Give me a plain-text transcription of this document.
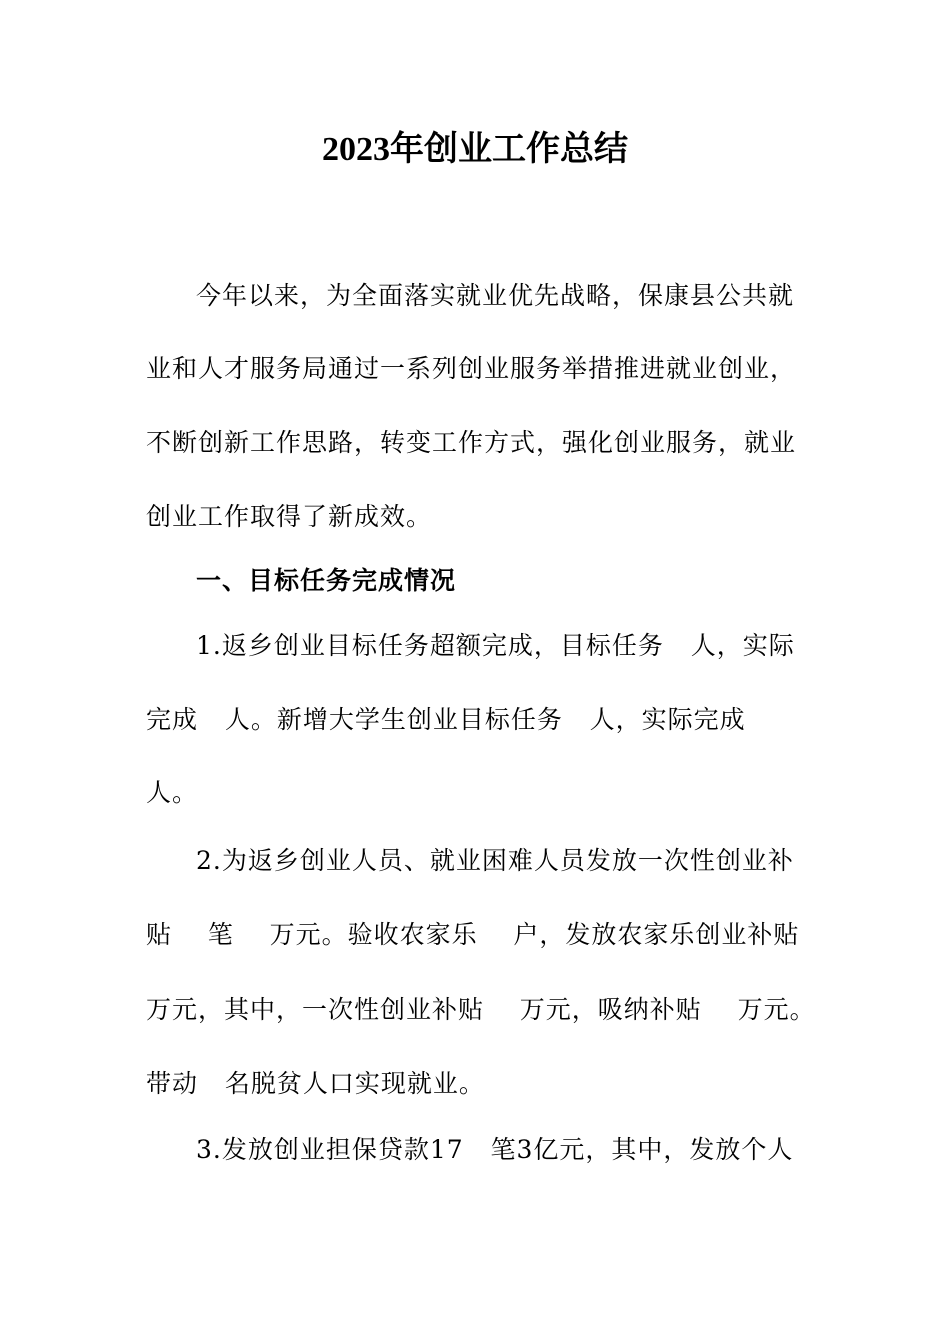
2023年创业工作总结
今年以来，为全面落实就业优先战略，保康县公共就
业和人才服务局通过一系列创业服务举措推进就业创业，
不断创新工作思路，转变工作方式，强化创业服务，就业
创业工作取得了新成效。
一、目标任务完成情况
1.返乡创业目标任务超额完成，目标任务   人，实际
完成   人。新增大学生创业目标任务   人，实际完成
人。
2.为返乡创业人员、就业困难人员发放一次性创业补
贴    笔    万元。验收农家乐    户，发放农家乐创业补贴
万元，其中，一次性创业补贴    万元，吸纳补贴    万元。
带动   名脱贫人口实现就业。
3.发放创业担保贷款17   笔3亿元，其中，发放个人
